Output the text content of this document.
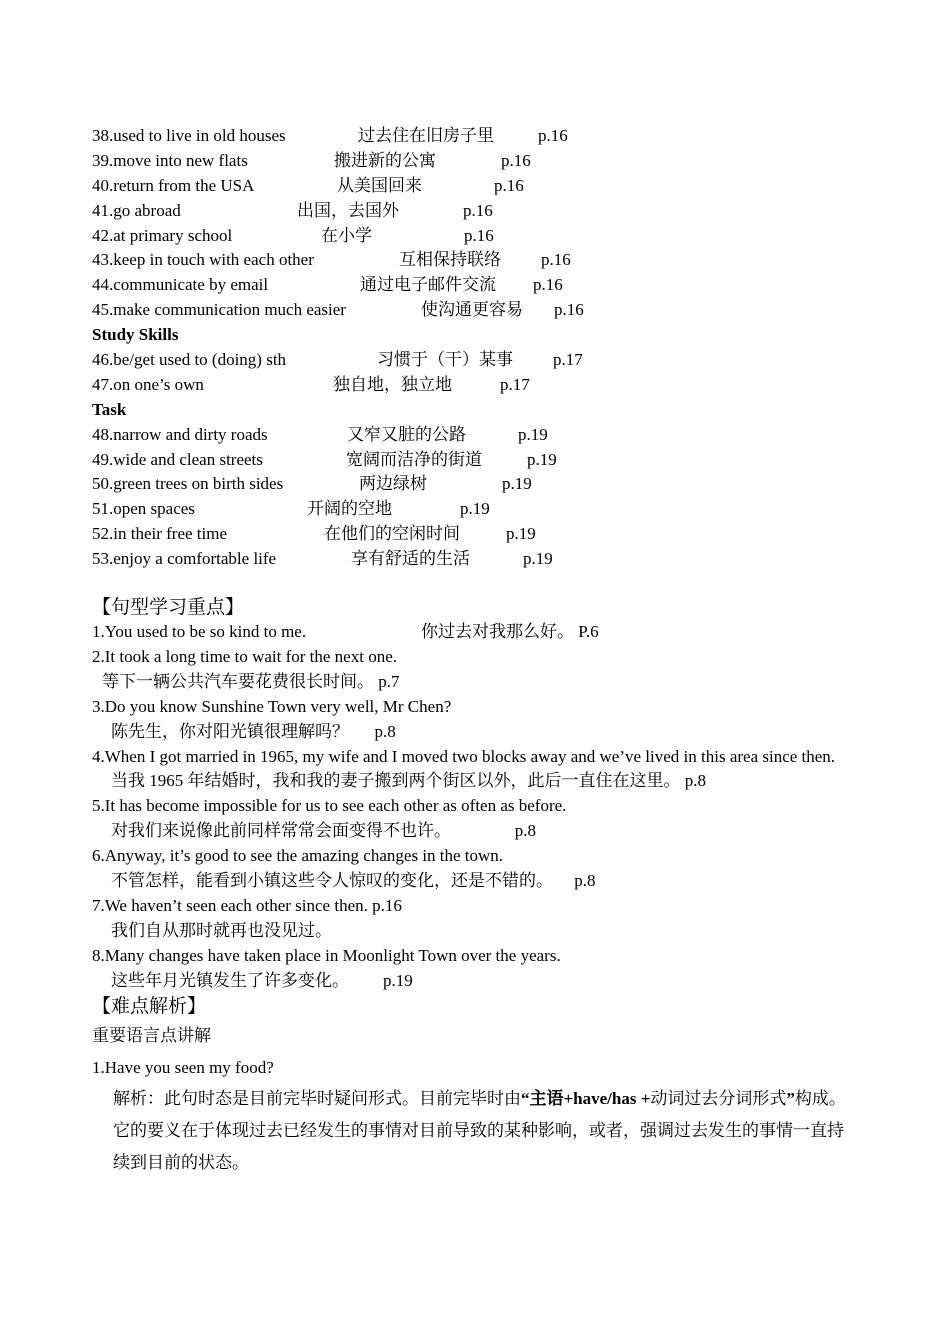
38.used to live in old houses	过去住在旧房子里	p.16
39.move into new flats	搬进新的公寓	p.16
40.return from the USA	从美国回来	p.16
41.go abroad	出国，去国外	p.16
42.at primary school	在小学	p.16
43.keep in touch with each other	互相保持联络 p.16
44.communicate by email	通过电子邮件交流 p.16
45.make communication much easier	使沟通更容易 p.16
Study Skills
46.be/get used to (doing) sth	习惯于（干）某事 p.17
47.on one’s own	独自地，独立地	p.17
Task
48.narrow and dirty roads	又窄又脏的公路	p.19
49.wide and clean streets	宽阔而洁净的街道	p.19
50.green trees on birth sides	两边绿树	p.19
51.open spaces	开阔的空地	p.19
52.in their free time	在他们的空闲时间	p.19
53.enjoy a comfortable life	享有舒适的生活	p.19
【句型学习重点】
1.You used to be so kind to me.	你过去对我那么好。 P.6
2.It took a long time to wait for the next one.
等下一辆公共汽车要花费很长时间。 p.7
3.Do you know Sunshine Town very well, Mr Chen?
陈先生，你对阳光镇很理解吗？      p.8
4.When I got married in 1965, my wife and I moved two blocks away and we’ve lived in this area since then.
当我 1965 年结婚时，我和我的妻子搬到两个街区以外，此后一直住在这里。 p.8
5.It has become impossible for us to see each other as often as before.
对我们来说像此前同样常常会面变得不也许。               p.8
6.Anyway, it’s good to see the amazing changes in the town.
不管怎样，能看到小镇这些令人惊叹的变化，还是不错的。     p.8
7.We haven’t seen each other since then. p.16
我们自从那时就再也没见过。
8.Many changes have taken place in Moonlight Town over the years.
这些年月光镇发生了许多变化。        p.19
【难点解析】
重要语言点讲解
1.Have you seen my food?
解析：此句时态是目前完毕时疑问形式。目前完毕时由“主语+have/has +动词过去分词形式”构成。它的要义在于体现过去已经发生的事情对目前导致的某种影响，或者，强调过去发生的事情一直持续到目前的状态。
